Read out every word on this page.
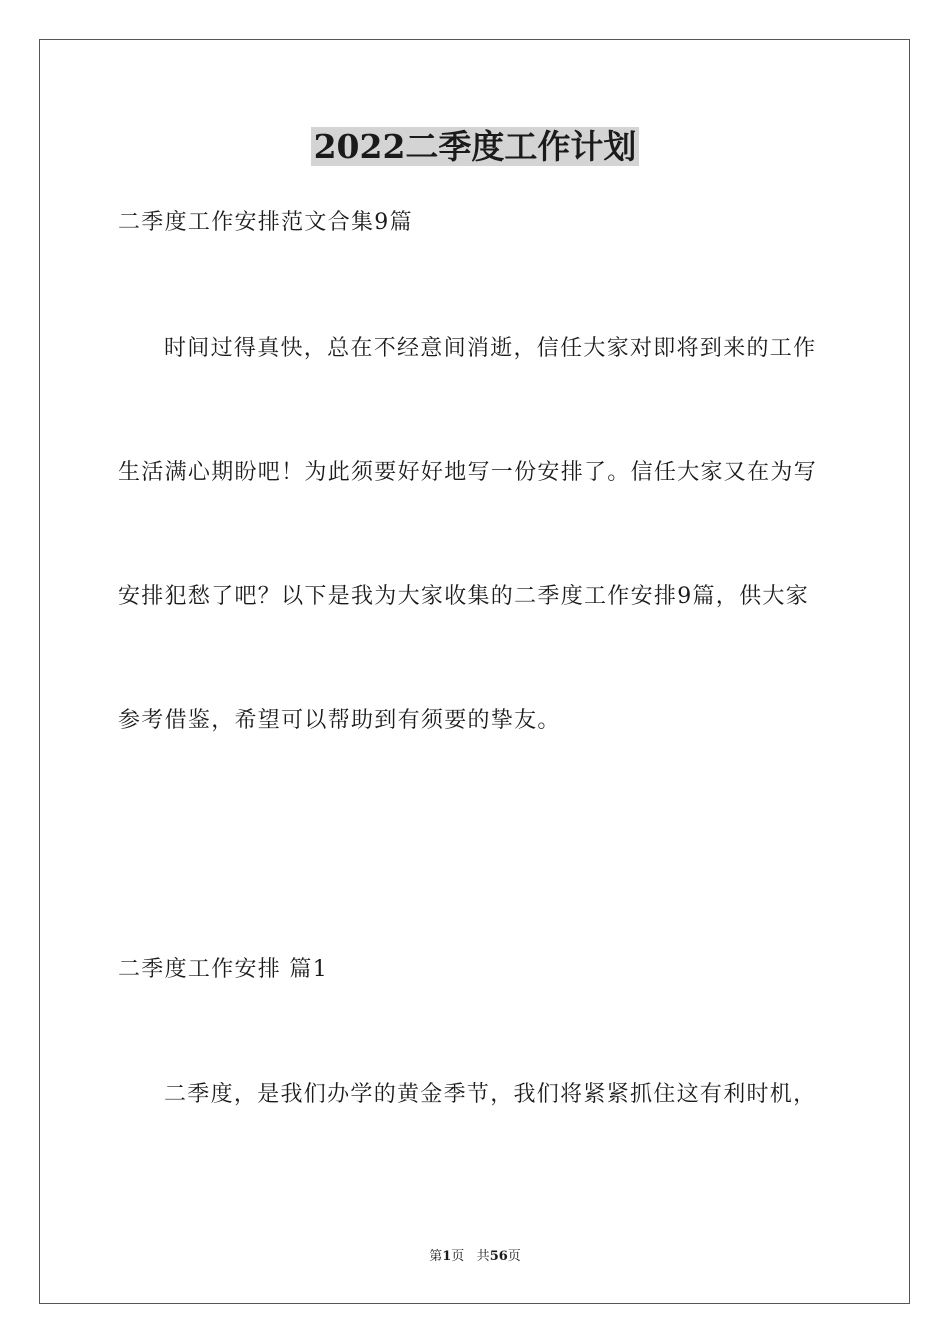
2022二季度工作计划
二季度工作安排范文合集9篇
时间过得真快，总在不经意间消逝，信任大家对即将到来的工作
生活满心期盼吧！为此须要好好地写一份安排了。信任大家又在为写
安排犯愁了吧？以下是我为大家收集的二季度工作安排9篇，供大家
参考借鉴，希望可以帮助到有须要的挚友。
二季度工作安排 篇1
二季度，是我们办学的黄金季节，我们将紧紧抓住这有利时机，
第1页 共56页
